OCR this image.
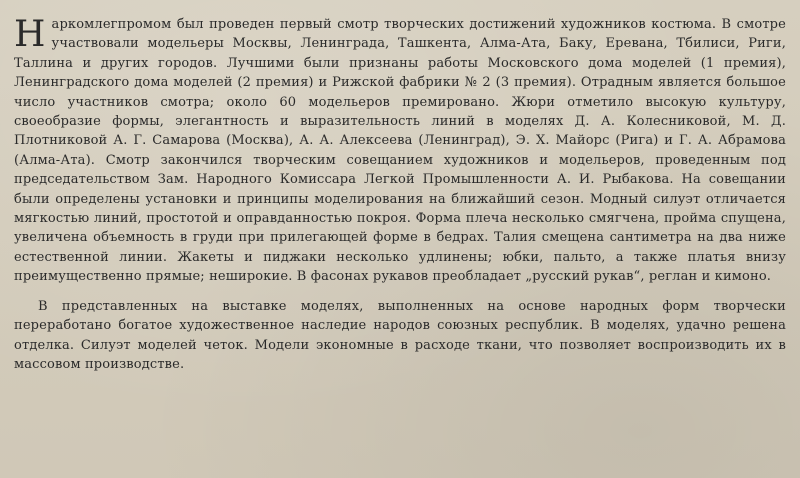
Наркомлегпромом был проведен первый смотр творческих достижений художников костюма. В смотре участвовали модельеры Москвы, Ленинграда, Ташкента, Алма-Ата, Баку, Еревана, Тбилиси, Риги, Таллина и других городов. Лучшими были признаны работы Московского дома моделей (1 премия), Ленинградского дома моделей (2 премия) и Рижской фабрики № 2 (3 премия). Отрадным является большое число участников смотра; около 60 модельеров премировано. Жюри отметило высокую культуру, своеобразие формы, элегантность и выразительность линий в моделях Д. А. Колесниковой, М. Д. Плотниковой А. Г. Самарова (Москва), А. А. Алексеева (Ленинград), Э. Х. Майорс (Рига) и Г. А. Абрамова (Алма-Ата). Смотр закончился творческим совещанием художников и модельеров, проведенным под председательством Зам. Народного Комиссара Легкой Промышленности А. И. Рыбакова. На совещании были определены установки и принципы моделирования на ближайший сезон. Модный силуэт отличается мягкостью линий, простотой и оправданностью покроя. Форма плеча несколько смягчена, пройма спущена, увеличена объемность в груди при прилегающей форме в бедрах. Талия смещена сантиметра на два ниже естественной линии. Жакеты и пиджаки несколько удлинены; юбки, пальто, а также платья внизу преимущественно прямые; неширокие. В фасонах рукавов преобладает „русский рукав“, реглан и кимоно.

В представленных на выставке моделях, выполненных на основе народных форм творчески переработано богатое художественное наследие народов союзных республик. В моделях, удачно решена отделка. Силуэт моделей четок. Модели экономные в расходе ткани, что позволяет воспроизводить их в массовом производстве.
